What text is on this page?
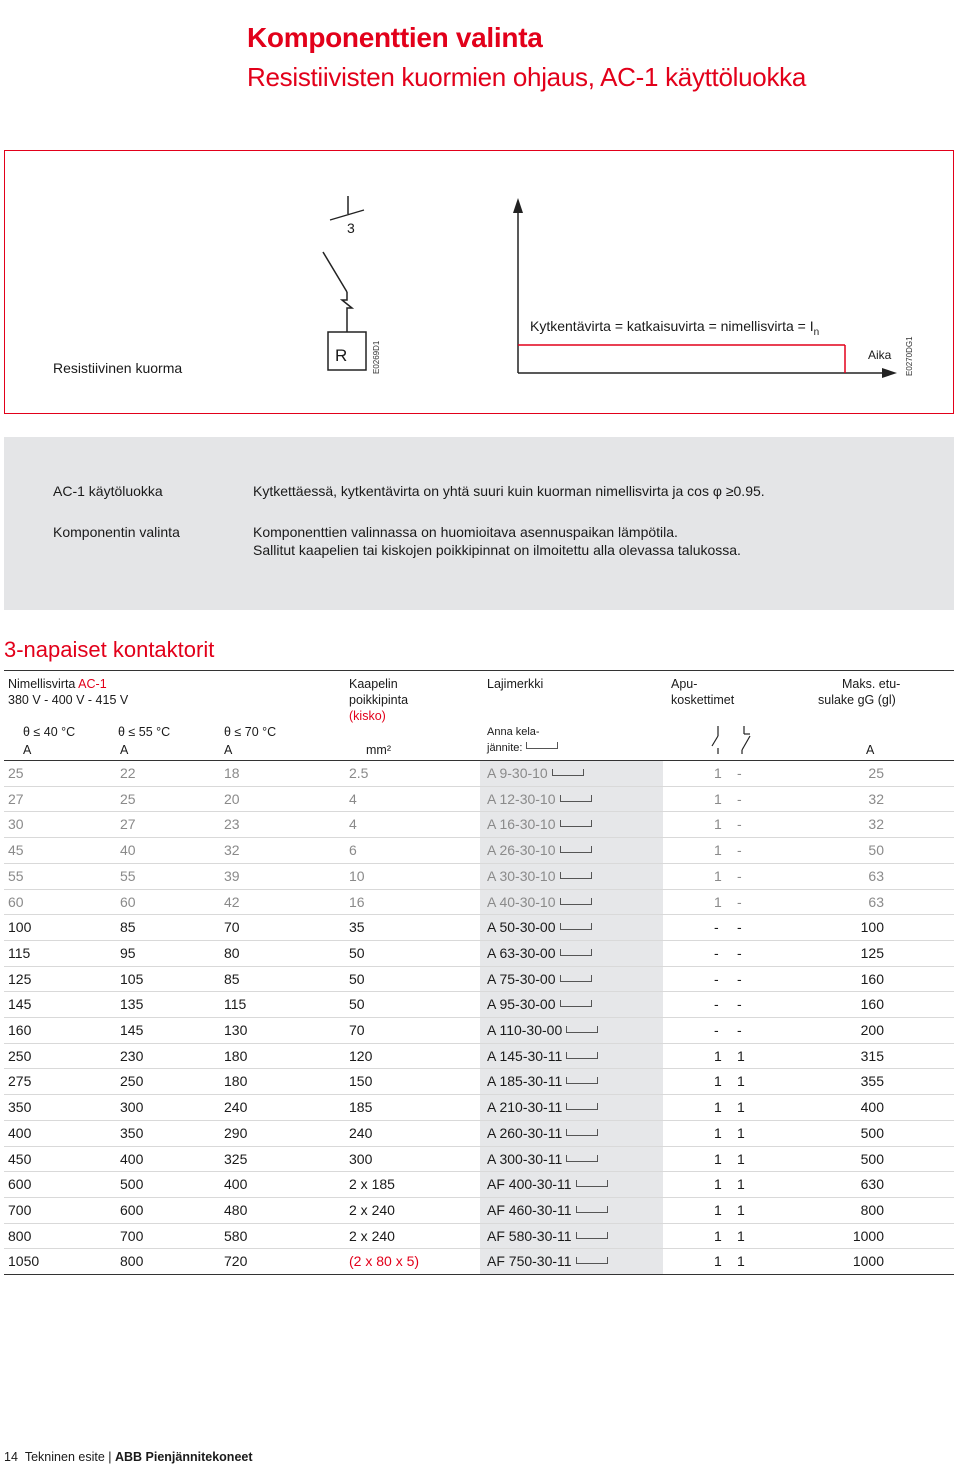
Komponenttien valinta
Resistiivisten kuormien ohjaus, AC-1 käyttöluokka
Resistiivinen kuorma
3
R	E0269D1
Kytkentävirta = katkaisuvirta = nimellisvirta = $I_n$
Aika E0270DG1
AC-1 käytöluokka	Kytkettäessä, kytkentävirta on yhtä suuri kuin kuorman nimellisvirta ja cos φ ≥0.95.
Komponentin valinta	Komponenttien valinnassa on huomioitava asennuspaikan lämpötila.
Sallitut kaapelien tai kiskojen poikkipinnat on ilmoitettu alla olevassa talukossa.
3-napaiset kontaktorit
Nimellisvirta AC-1
380 V - 400 V - 415 V
θ ≤ 40 °C	θ ≤ 55 °C	θ ≤ 70 °C
A	A	A
Kaapelin
poikkipinta
(kisko)
mm²
Lajimerkki
Anna kela-
jännite:
Apu-
koskettimet
Maks. etu-
sulake gG (gl)
A
25	22	18	2.5	A 9-30-10	1 -	25
27	25	20	4	A 12-30-10	1 -	32
30	27	23	4	A 16-30-10	1 -	32
45	40	32	6	A 26-30-10	1 -	50
55	55	39	10	A 30-30-10	1 -	63
60	60	42	16	A 40-30-10	1 -	63
100	85	70	35	A 50-30-00	- -	100
115	95	80	50	A 63-30-00	- -	125
125	105	85	50	A 75-30-00	- -	160
145	135	115	50	A 95-30-00	- -	160
160	145	130	70	A 110-30-00	- -	200
250	230	180	120	A 145-30-11	1 1	315
275	250	180	150	A 185-30-11	1 1	355
350	300	240	185	A 210-30-11	1 1	400
400	350	290	240	A 260-30-11	1 1	500
450	400	325	300	A 300-30-11	1 1	500
600	500	400	2 x 185	AF 400-30-11	1 1	630
700	600	480	2 x 240	AF 460-30-11	1 1	800
800	700	580	2 x 240	AF 580-30-11	1 1	1000
1050	800	720	(2 x 80 x 5)	AF 750-30-11	1 1	1000
14 Tekninen esite | ABB Pienjännitekoneet
